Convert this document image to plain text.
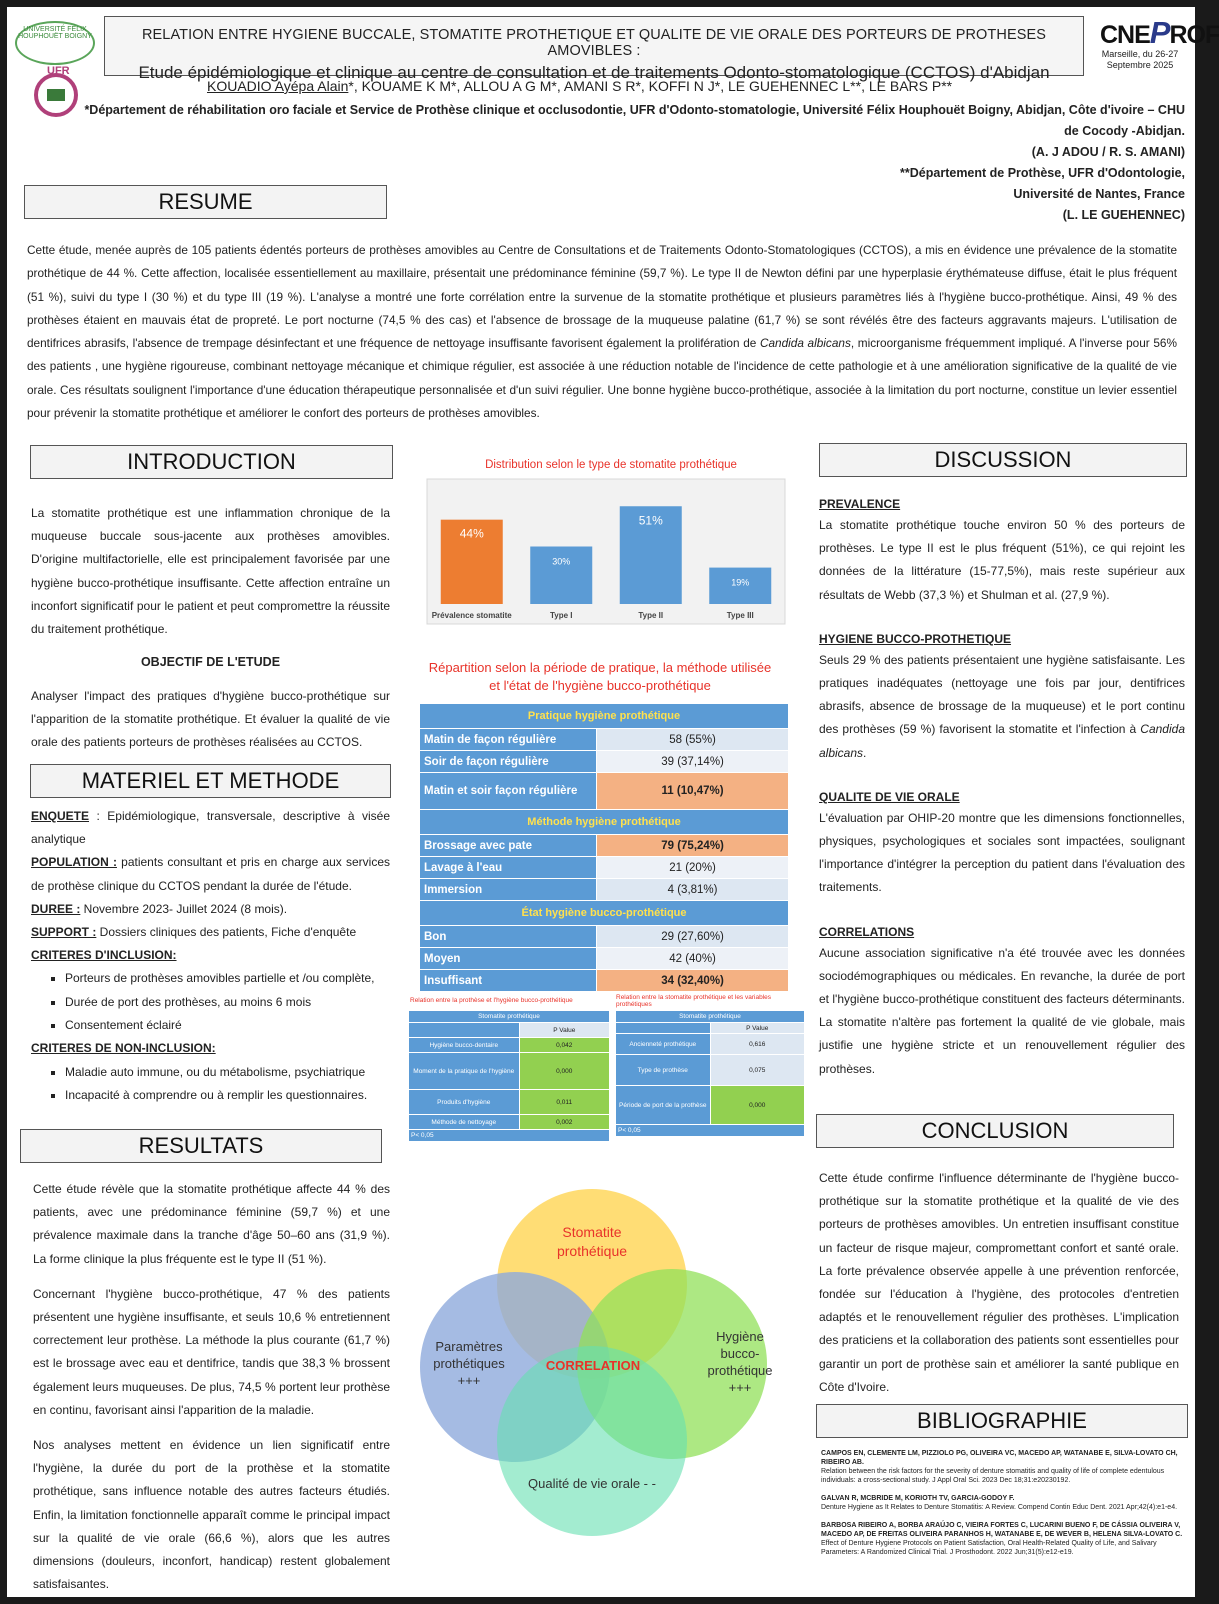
UNIVERSITÉ FÉLIX HOUPHOUËT BOIGNY
UFR
CNEPROF
Marseille, du 26-27 Septembre 2025
RELATION ENTRE HYGIENE BUCCALE, STOMATITE PROTHETIQUE ET QUALITE DE VIE ORALE DES PORTEURS DE PROTHESES AMOVIBLES :
Etude épidémiologique et clinique au centre de consultation et de traitements Odonto-stomatologique (CCTOS) d'Abidjan
KOUADIO Ayépa Alain*, KOUAME K M*, ALLOU A G M*, AMANI S R*, KOFFI N J*, LE GUEHENNEC L**, LE BARS P**
*Département de réhabilitation oro faciale et Service de Prothèse clinique et occlusodontie, UFR d'Odonto-stomatologie, Université Félix Houphouët Boigny, Abidjan, Côte d'ivoire – CHU de Cocody -Abidjan.
(A. J ADOU / R. S. AMANI)
**Département de Prothèse, UFR d'Odontologie,
Université de Nantes, France
(L. LE GUEHENNEC)
RESUME
Cette étude, menée auprès de 105 patients édentés porteurs de prothèses amovibles au Centre de Consultations et de Traitements Odonto-Stomatologiques (CCTOS), a mis en évidence une prévalence de la stomatite prothétique de 44 %. Cette affection, localisée essentiellement au maxillaire, présentait une prédominance féminine (59,7 %). Le type II de Newton défini par une hyperplasie érythémateuse diffuse, était le plus fréquent (51 %), suivi du type I (30 %) et du type III (19 %). L'analyse a montré une forte corrélation entre la survenue de la stomatite prothétique et plusieurs paramètres liés à l'hygiène bucco-prothétique. Ainsi, 49 % des prothèses étaient en mauvais état de propreté. Le port nocturne (74,5 % des cas) et l'absence de brossage de la muqueuse palatine (61,7 %) se sont révélés être des facteurs aggravants majeurs. L'utilisation de dentifrices abrasifs, l'absence de trempage désinfectant et une fréquence de nettoyage insuffisante favorisent également la prolifération de Candida albicans, microorganisme fréquemment impliqué. A l'inverse pour 56% des patients , une hygiène rigoureuse, combinant nettoyage mécanique et chimique régulier, est associée à une réduction notable de l'incidence de cette pathologie et à une amélioration significative de la qualité de vie orale. Ces résultats soulignent l'importance d'une éducation thérapeutique personnalisée et d'un suivi régulier. Une bonne hygiène bucco-prothétique, associée à la limitation du port nocturne, constitue un levier essentiel pour prévenir la stomatite prothétique et améliorer le confort des porteurs de prothèses amovibles.
INTRODUCTION
La stomatite prothétique est une inflammation chronique de la muqueuse buccale sous-jacente aux prothèses amovibles. D'origine multifactorielle, elle est principalement favorisée par une hygiène bucco-prothétique insuffisante. Cette affection entraîne un inconfort significatif pour le patient et peut compromettre la réussite du traitement prothétique.
OBJECTIF DE L'ETUDE
Analyser l'impact des pratiques d'hygiène bucco-prothétique sur l'apparition de la stomatite prothétique. Et évaluer la qualité de vie orale des patients porteurs de prothèses réalisées au CCTOS.
MATERIEL ET METHODE
ENQUETE : Epidémiologique, transversale, descriptive à visée analytique
POPULATION : patients consultant et pris en charge aux services de prothèse clinique du CCTOS pendant la durée de l'étude.
DUREE : Novembre 2023- Juillet 2024 (8 mois).
SUPPORT : Dossiers cliniques des patients, Fiche d'enquête
CRITERES D'INCLUSION:
▪ Porteurs de prothèses amovibles partielle et /ou complète,
▪ Durée de port des prothèses, au moins 6 mois
▪ Consentement éclairé
CRITERES DE NON-INCLUSION:
▪ Maladie auto immune, ou du métabolisme, psychiatrique
▪ Incapacité à comprendre ou à remplir les questionnaires.
RESULTATS
Cette étude révèle que la stomatite prothétique affecte 44 % des patients, avec une prédominance féminine (59,7 %) et une prévalence maximale dans la tranche d'âge 50–60 ans (31,9 %). La forme clinique la plus fréquente est le type II (51 %).
Concernant l'hygiène bucco-prothétique, 47 % des patients présentent une hygiène insuffisante, et seuls 10,6 % entretiennent correctement leur prothèse. La méthode la plus courante (61,7 %) est le brossage avec eau et dentifrice, tandis que 38,3 % brossent également leurs muqueuses. De plus, 74,5 % portent leur prothèse en continu, favorisant ainsi l'apparition de la maladie.
Nos analyses mettent en évidence un lien significatif entre l'hygiène, la durée du port de la prothèse et la stomatite prothétique, sans influence notable des autres facteurs étudiés. Enfin, la limitation fonctionnelle apparaît comme le principal impact sur la qualité de vie orale (66,6 %), alors que les autres dimensions (douleurs, inconfort, handicap) restent globalement satisfaisantes.
Distribution selon le type de stomatite prothétique
44%
Prévalence stomatite
30%
Type I
51%
Type II
19%
Type III
Répartition selon la période de pratique, la méthode utilisée
et l'état de l'hygiène bucco-prothétique
Pratique hygiène prothétique	
Matin de façon régulière	58 (55%)
Soir de façon régulière	39 (37,14%)
Matin et soir façon régulière	11 (10,47%)
Méthode hygiène prothétique	
Brossage avec pate	79 (75,24%)
Lavage à l'eau	21 (20%)
Immersion	4 (3,81%)
État hygiène bucco-prothétique	
Bon	29 (27,60%)
Moyen	42 (40%)
Insuffisant	34 (32,40%)
Relation entre la prothèse et l'hygiène bucco-prothétique
Stomatite prothétique	
	P Value
Hygiène bucco-dentaire	0,042
Moment de la pratique de l'hygiène	0,000
Produits d'hygiène	0,011
Méthode de nettoyage	0,002
P< 0,05	
Relation entre la stomatite prothétique et les variables prothétiques
Stomatite prothétique	
	P Value
Ancienneté prothétique	0,616
Type de prothèse	0,075
Période de port de la prothèse	0,000
P< 0,05	
Stomatite
prothétique
Paramètres
prothétiques
+++
Hygiène
bucco-
prothétique
+++
Qualité de vie orale - -
CORRELATION
DISCUSSION
PREVALENCE
La stomatite prothétique touche environ 50 % des porteurs de prothèses. Le type II est le plus fréquent (51%), ce qui rejoint les données de la littérature (15-77,5%), mais reste supérieur aux résultats de Webb (37,3 %) et Shulman et al. (27,9 %).
HYGIENE BUCCO-PROTHETIQUE
Seuls 29 % des patients présentaient une hygiène satisfaisante. Les pratiques inadéquates (nettoyage une fois par jour, dentifrices abrasifs, absence de brossage de la muqueuse) et le port continu des prothèses (59 %) favorisent la stomatite et l'infection à Candida albicans.
QUALITE DE VIE ORALE
L'évaluation par OHIP-20 montre que les dimensions fonctionnelles, physiques, psychologiques et sociales sont impactées, soulignant l'importance d'intégrer la perception du patient dans l'évaluation des traitements.
CORRELATIONS
Aucune association significative n'a été trouvée avec les données sociodémographiques ou médicales. En revanche, la durée de port et l'hygiène bucco-prothétique constituent des facteurs déterminants. La stomatite n'altère pas fortement la qualité de vie globale, mais justifie une hygiène stricte et un renouvellement régulier des prothèses.
CONCLUSION
Cette étude confirme l'influence déterminante de l'hygiène bucco-prothétique sur la stomatite prothétique et la qualité de vie des porteurs de prothèses amovibles. Un entretien insuffisant constitue un facteur de risque majeur, compromettant confort et santé orale. La forte prévalence observée appelle à une prévention renforcée, fondée sur l'éducation à l'hygiène, des protocoles d'entretien adaptés et le renouvellement régulier des prothèses. L'implication des praticiens et la collaboration des patients sont essentielles pour garantir un port de prothèse sain et améliorer la santé publique en Côte d'Ivoire.
BIBLIOGRAPHIE
CAMPOS EN, CLEMENTE LM, PIZZIOLO PG, OLIVEIRA VC, MACEDO AP, WATANABE E, SILVA-LOVATO CH, RIBEIRO AB.
Relation between the risk factors for the severity of denture stomatitis and quality of life of complete edentulous individuals: a cross-sectional study. J Appl Oral Sci. 2023 Dec 18;31:e20230192.
GALVAN R, MCBRIDE M, KORIOTH TV, GARCIA-GODOY F.
Denture Hygiene as It Relates to Denture Stomatitis: A Review. Compend Contin Educ Dent. 2021 Apr;42(4):e1-e4.
BARBOSA RIBEIRO A, BORBA ARAÚJO C, VIEIRA FORTES C, LUCARINI BUENO F, DE CÁSSIA OLIVEIRA V, MACEDO AP, DE FREITAS OLIVEIRA PARANHOS H, WATANABE E, DE WEVER B, HELENA SILVA-LOVATO C.
Effect of Denture Hygiene Protocols on Patient Satisfaction, Oral Health-Related Quality of Life, and Salivary Parameters: A Randomized Clinical Trial. J Prosthodont. 2022 Jun;31(5):e12-e19.
